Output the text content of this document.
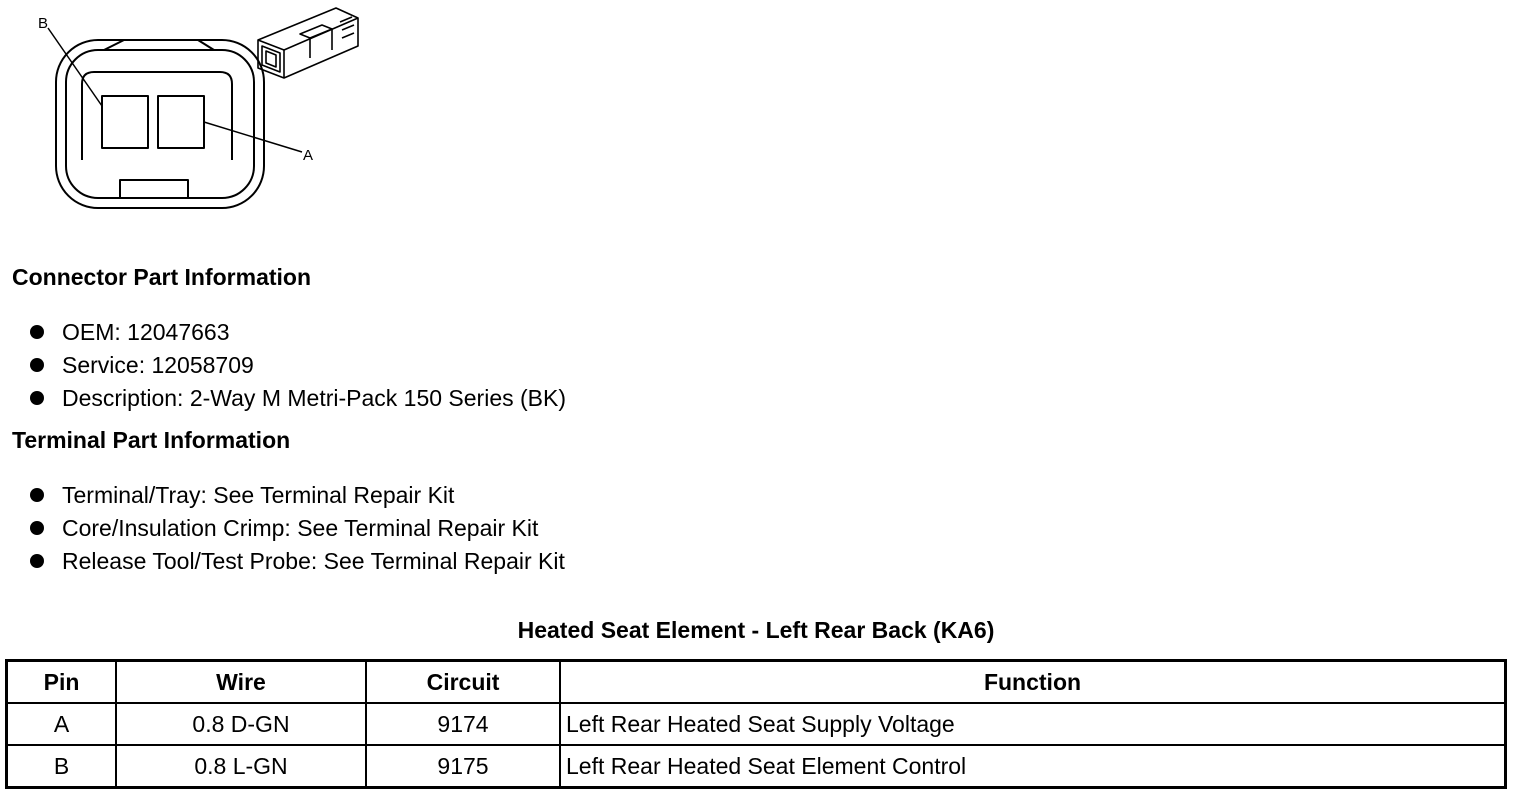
B
A
Connector Part Information
OEM: 12047663
Service: 12058709
Description: 2-Way M Metri-Pack 150 Series (BK)
Terminal Part Information
Terminal/Tray: See Terminal Repair Kit
Core/Insulation Crimp: See Terminal Repair Kit
Release Tool/Test Probe: See Terminal Repair Kit
Heated Seat Element - Left Rear Back (KA6)
Pin	Wire	Circuit	Function
A	0.8 D-GN	9174	Left Rear Heated Seat Supply Voltage
B	0.8 L-GN	9175	Left Rear Heated Seat Element Control
